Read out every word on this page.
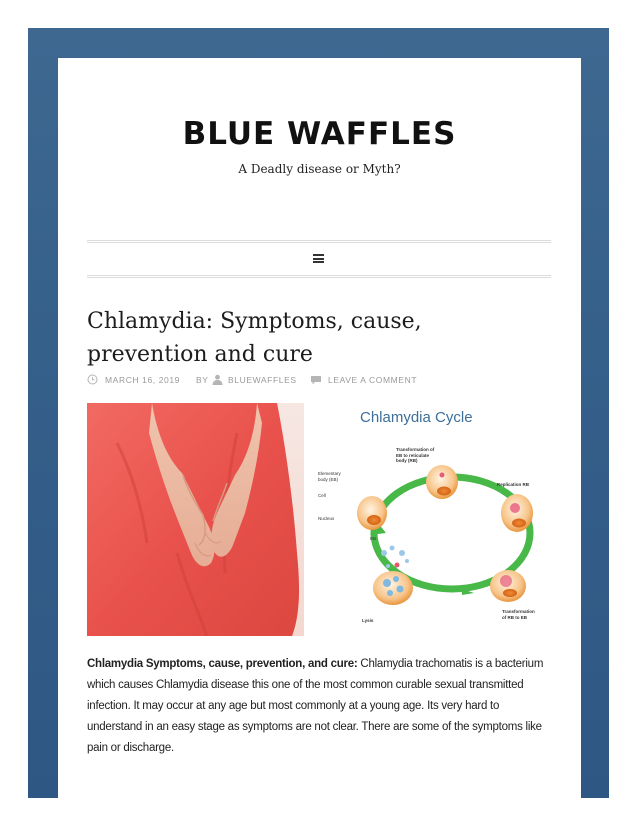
BLUE WAFFLES
A Deadly disease or Myth?
Chlamydia: Symptoms, cause, prevention and cure
MARCH 16, 2019 BY BLUEWAFFLES	LEAVE A COMMENT
Chlamydia Cycle
Transformation of
EB to reticulate
body (RB)
Elementary
body (EB)
Cell
Nucleus
Replication RB
EB
Lysis
Transformation
of RB to EB

Chlamydia Symptoms, cause, prevention, and cure: Chlamydia trachomatis is a bacterium which causes Chlamydia disease this one of the most common curable sexual transmitted infection. It may occur at any age but most commonly at a young age. Its very hard to understand in an easy stage as symptoms are not clear. There are some of the symptoms like pain or discharge.
